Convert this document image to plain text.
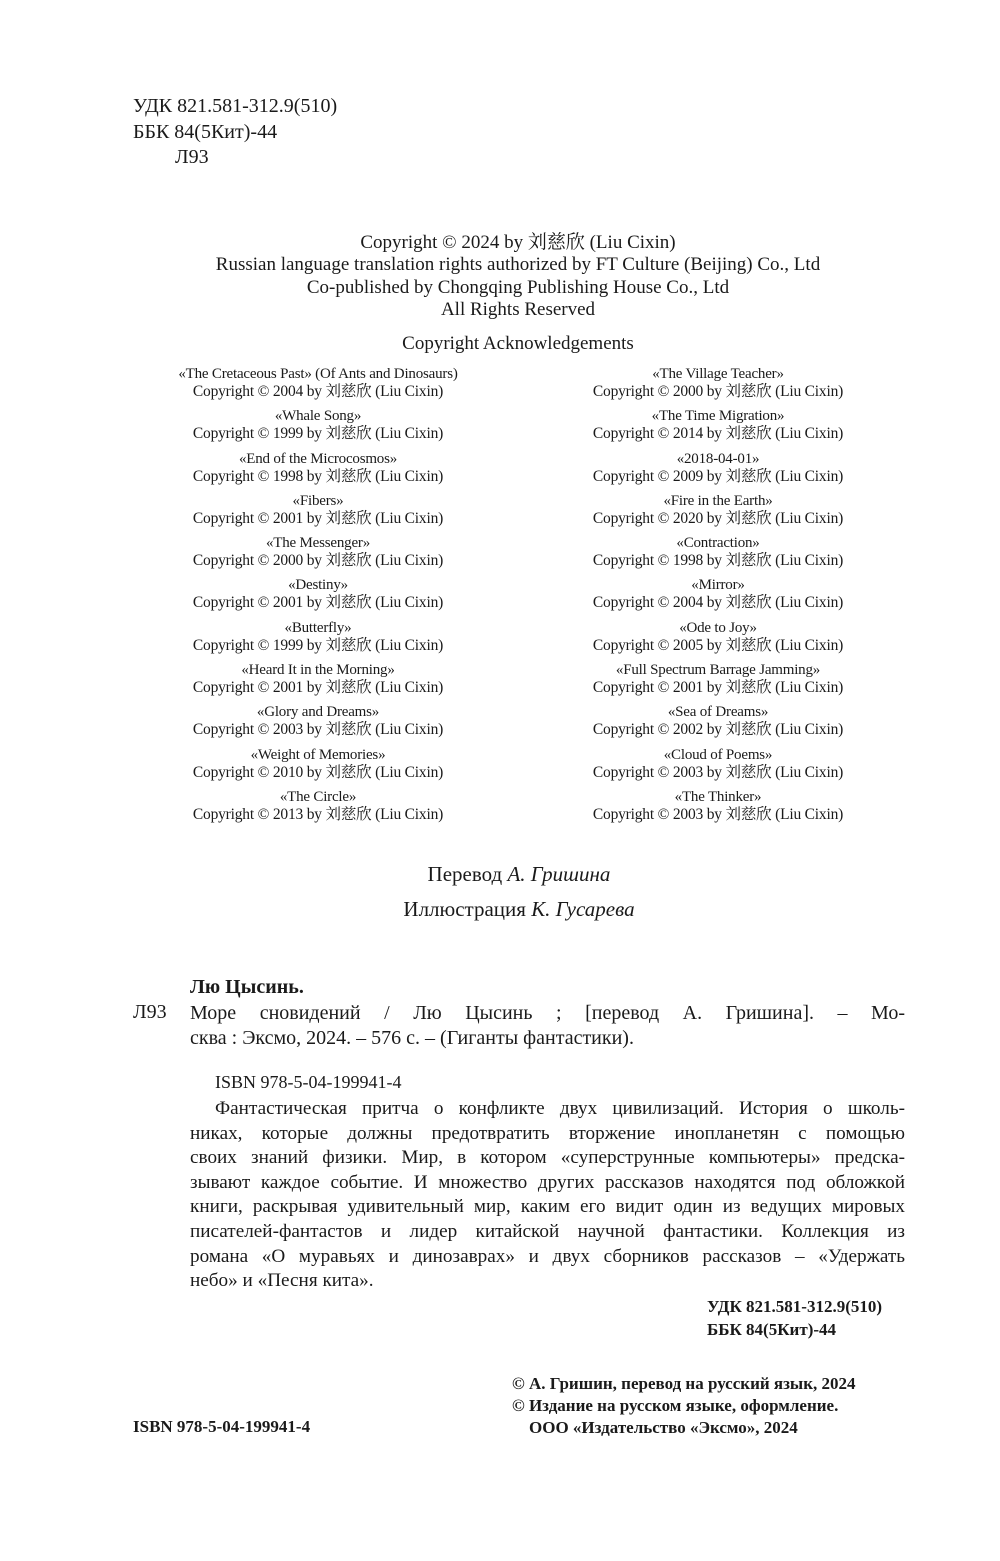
УДК 821.581-312.9(510)
ББК 84(5Кит)-44
Л93
Copyright © 2024 by 刘慈欣 (Liu Cixin)
Russian language translation rights authorized by FT Culture (Beijing) Co., Ltd
Co-published by Chongqing Publishing House Co., Ltd
All Rights Reserved
Copyright Acknowledgements
«The Cretaceous Past» (Of Ants and Dinosaurs)
Copyright © 2004 by 刘慈欣 (Liu Cixin)
«Whale Song»
Copyright © 1999 by 刘慈欣 (Liu Cixin)
«End of the Microcosmos»
Copyright © 1998 by 刘慈欣 (Liu Cixin)
«Fibers»
Copyright © 2001 by 刘慈欣 (Liu Cixin)
«The Messenger»
Copyright © 2000 by 刘慈欣 (Liu Cixin)
«Destiny»
Copyright © 2001 by 刘慈欣 (Liu Cixin)
«Butterfly»
Copyright © 1999 by 刘慈欣 (Liu Cixin)
«Heard It in the Morning»
Copyright © 2001 by 刘慈欣 (Liu Cixin)
«Glory and Dreams»
Copyright © 2003 by 刘慈欣 (Liu Cixin)
«Weight of Memories»
Copyright © 2010 by 刘慈欣 (Liu Cixin)
«The Circle»
Copyright © 2013 by 刘慈欣 (Liu Cixin)
«The Village Teacher»
Copyright © 2000 by 刘慈欣 (Liu Cixin)
«The Time Migration»
Copyright © 2014 by 刘慈欣 (Liu Cixin)
«2018-04-01»
Copyright © 2009 by 刘慈欣 (Liu Cixin)
«Fire in the Earth»
Copyright © 2020 by 刘慈欣 (Liu Cixin)
«Contraction»
Copyright © 1998 by 刘慈欣 (Liu Cixin)
«Mirror»
Copyright © 2004 by 刘慈欣 (Liu Cixin)
«Ode to Joy»
Copyright © 2005 by 刘慈欣 (Liu Cixin)
«Full Spectrum Barrage Jamming»
Copyright © 2001 by 刘慈欣 (Liu Cixin)
«Sea of Dreams»
Copyright © 2002 by 刘慈欣 (Liu Cixin)
«Cloud of Poems»
Copyright © 2003 by 刘慈欣 (Liu Cixin)
«The Thinker»
Copyright © 2003 by 刘慈欣 (Liu Cixin)
Перевод А. Гришина
Иллюстрация К. Гусарева
Лю Цысинь.
Л93 Море сновидений / Лю Цысинь ; [перевод А. Гришина]. – Мо-
сква : Эксмо, 2024. – 576 с. – (Гиганты фантастики).
ISBN 978-5-04-199941-4
Фантастическая притча о конфликте двух цивилизаций. История о школь-
никах, которые должны предотвратить вторжение инопланетян с помощью
своих знаний физики. Мир, в котором «суперструнные компьютеры» предска-
зывают каждое событие. И множество других рассказов находятся под обложкой
книги, раскрывая удивительный мир, каким его видит один из ведущих мировых
писателей-фантастов и лидер китайской научной фантастики. Коллекция из
романа «О муравьях и динозаврах» и двух сборников рассказов – «Удержать
небо» и «Песня кита».
УДК 821.581-312.9(510)
ББК 84(5Кит)-44
© А. Гришин, перевод на русский язык, 2024
© Издание на русском языке, оформление.
ООО «Издательство «Эксмо», 2024
ISBN 978-5-04-199941-4
